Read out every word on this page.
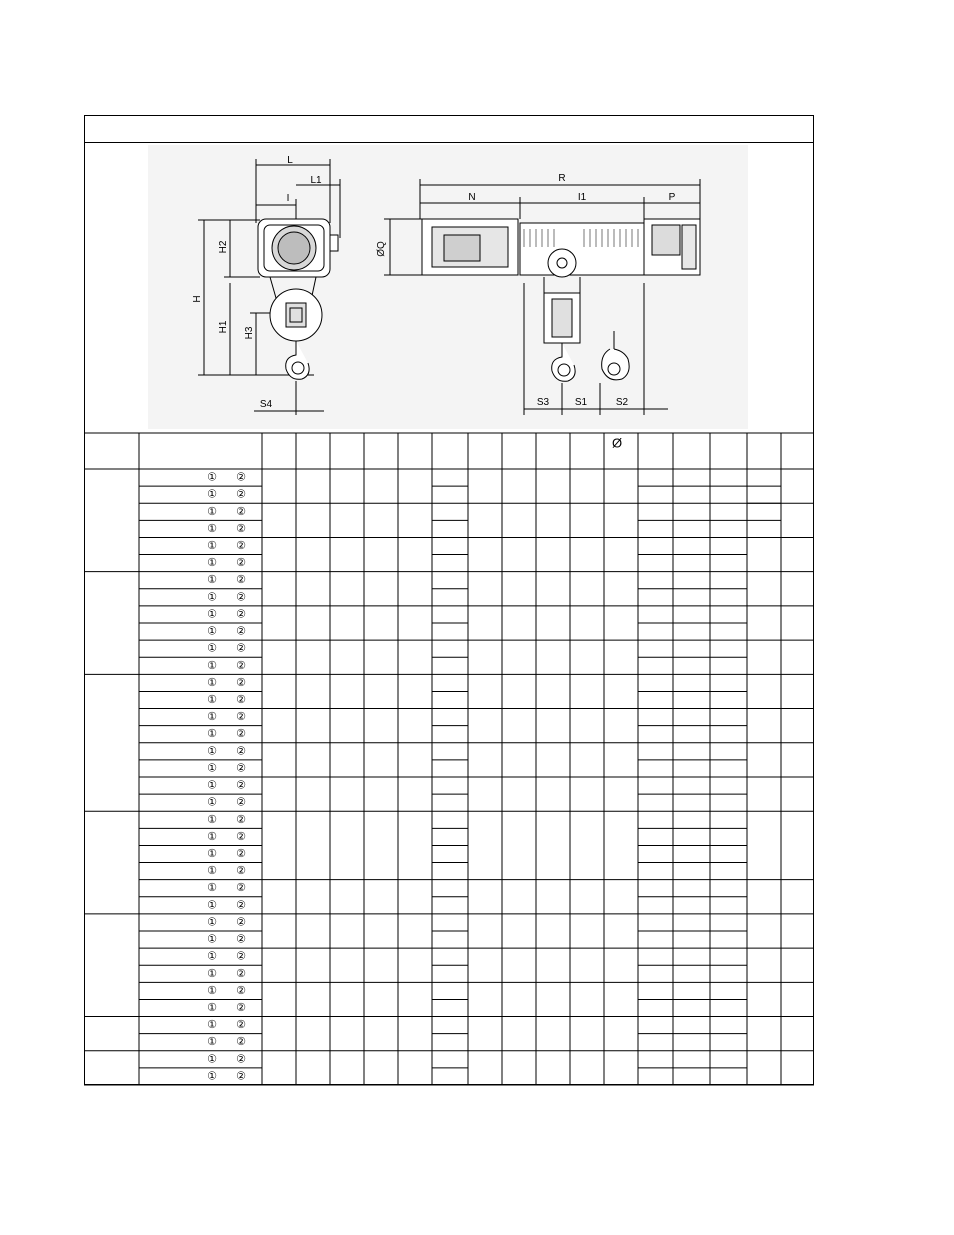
L
L1
I
H
H2
H1 H3
S4
R
N	I1	P
ØQ
S3	S1	S2
Ø
① ②
① ②
① ②
① ②
① ②
① ②
① ②
① ②
① ②
① ②
① ②
① ②
① ②
① ②
① ②
① ②
① ②
① ②
① ②
① ②
① ②
① ②
① ②
① ②
① ②
① ②
① ②
① ②
① ②
① ②
① ②
① ②
① ②
① ②
① ②
① ②
